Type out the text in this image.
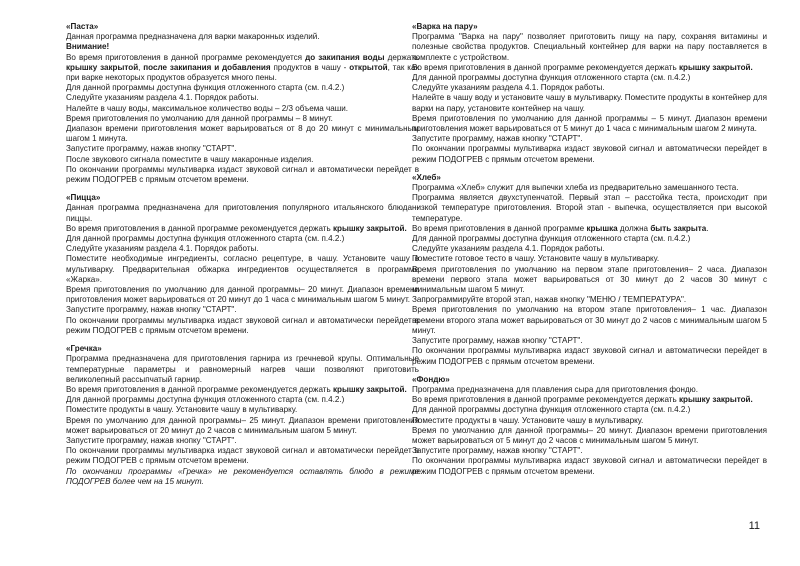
«Паста»
Данная программа предназначена для варки макаронных изделий.
Внимание!
Во время приготовления в данной программе рекомендуется до закипания воды держать крышку закрытой, после закипания и добавления продуктов в чашу - открытой, так как при варке некоторых продуктов образуется много пены.
Для данной программы доступна функция отложенного старта (см. п.4.2.)
Следуйте указаниям раздела 4.1. Порядок работы.
Налейте в чашу воды, максимальное количество воды – 2/3 объема чаши.
Время приготовления по умолчанию для данной программы – 8 минут.
Диапазон времени приготовления может варьироваться от 8 до 20 минут с минимальным шагом 1 минута.
Запустите программу, нажав кнопку "СТАРТ".
После звукового сигнала поместите в чашу макаронные изделия.
По окончании программы мультиварка издаст звуковой сигнал и автоматически перейдет в режим ПОДОГРЕВ с прямым отсчетом времени.
«Пицца»
Данная программа предназначена для приготовления популярного итальянского блюда - пиццы.
Во время приготовления в данной программе рекомендуется держать крышку закрытой.
Для данной программы доступна функция отложенного старта (см. п.4.2.)
Следуйте указаниям раздела 4.1. Порядок работы.
Поместите необходимые ингредиенты, согласно рецептуре, в чашу. Установите чашу в мультиварку. Предварительная обжарка ингредиентов осуществляется в программе «Жарка».
Время приготовления по умолчанию для данной программы– 20 минут. Диапазон времени приготовления может варьироваться от 20 минут до 1 часа с минимальным шагом 5 минут.
Запустите программу, нажав кнопку "СТАРТ".
По окончании программы мультиварка издаст звуковой сигнал и автоматически перейдет в режим ПОДОГРЕВ с прямым отсчетом времени.
«Гречка»
Программа предназначена для приготовления гарнира из гречневой крупы. Оптимальные температурные параметры и равномерный нагрев чаши позволяют приготовить великолепный рассыпчатый гарнир.
Во время приготовления в данной программе рекомендуется держать крышку закрытой.
Для данной программы доступна функция отложенного старта (см. п.4.2.)
Поместите продукты в чашу. Установите чашу в мультиварку.
Время по умолчанию для данной программы– 25 минут. Диапазон времени приготовления может варьироваться от 20 минут до 2 часов с минимальным шагом 5 минут.
Запустите программу, нажав кнопку "СТАРТ".
По окончании программы мультиварка издаст звуковой сигнал и автоматически перейдет в режим ПОДОГРЕВ с прямым отсчетом времени.
По окончании программы «Гречка» не рекомендуется оставлять блюдо в режиме ПОДОГРЕВ более чем на 15 минут.
«Варка на пару»
Программа "Варка на пару" позволяет приготовить пищу на пару, сохраняя витамины и полезные свойства продуктов. Специальный контейнер для варки на пару поставляется в комплекте с устройством.
Во время приготовления в данной программе рекомендуется держать крышку закрытой.
Для данной программы доступна функция отложенного старта (см. п.4.2.)
Следуйте указаниям раздела 4.1. Порядок работы.
Налейте в чашу воду и установите чашу в мультиварку. Поместите продукты в контейнер для варки на пару, установите контейнер на чашу.
Время приготовления по умолчанию для данной программы – 5 минут. Диапазон времени приготовления может варьироваться от 5 минут до 1 часа с минимальным шагом 2 минута.
Запустите программу, нажав кнопку "СТАРТ".
По окончании программы мультиварка издаст звуковой сигнал и автоматически перейдет в режим ПОДОГРЕВ с прямым отсчетом времени.
«Хлеб»
Программа «Хлеб» служит для выпечки хлеба из предварительно замешанного теста.
Программа является двухступенчатой. Первый этап – расстойка теста, происходит при низкой температуре приготовления. Второй этап - выпечка, осуществляется при высокой температуре.
Во время приготовления в данной программе крышка должна быть закрыта.
Для данной программы доступна функция отложенного старта (см. п.4.2.)
Следуйте указаниям раздела 4.1. Порядок работы.
Поместите готовое тесто в чашу. Установите чашу в мультиварку.
Время приготовления по умолчанию на первом этапе приготовления– 2 часа. Диапазон времени первого этапа может варьироваться от 30 минут до 2 часов 30 минут с минимальным шагом 5 минут.
Запрограммируйте второй этап, нажав кнопку "МЕНЮ / ТЕМПЕРАТУРА".
Время приготовления по умолчанию на втором этапе приготовления– 1 час. Диапазон времени второго этапа может варьироваться от 30 минут до 2 часов с минимальным шагом 5 минут.
Запустите программу, нажав кнопку "СТАРТ".
По окончании программы мультиварка издаст звуковой сигнал и автоматически перейдет в режим ПОДОГРЕВ с прямым отсчетом времени.
«Фондю»
Программа предназначена для плавления сыра для приготовления фондю.
Во время приготовления в данной программе рекомендуется держать крышку закрытой.
Для данной программы доступна функция отложенного старта (см. п.4.2.)
Поместите продукты в чашу. Установите чашу в мультиварку.
Время по умолчанию для данной программы– 20 минут. Диапазон времени приготовления может варьироваться от 5 минут до 2 часов с минимальным шагом 5 минут.
Запустите программу, нажав кнопку "СТАРТ".
По окончании программы мультиварка издаст звуковой сигнал и автоматически перейдет в режим ПОДОГРЕВ с прямым отсчетом времени.
11
